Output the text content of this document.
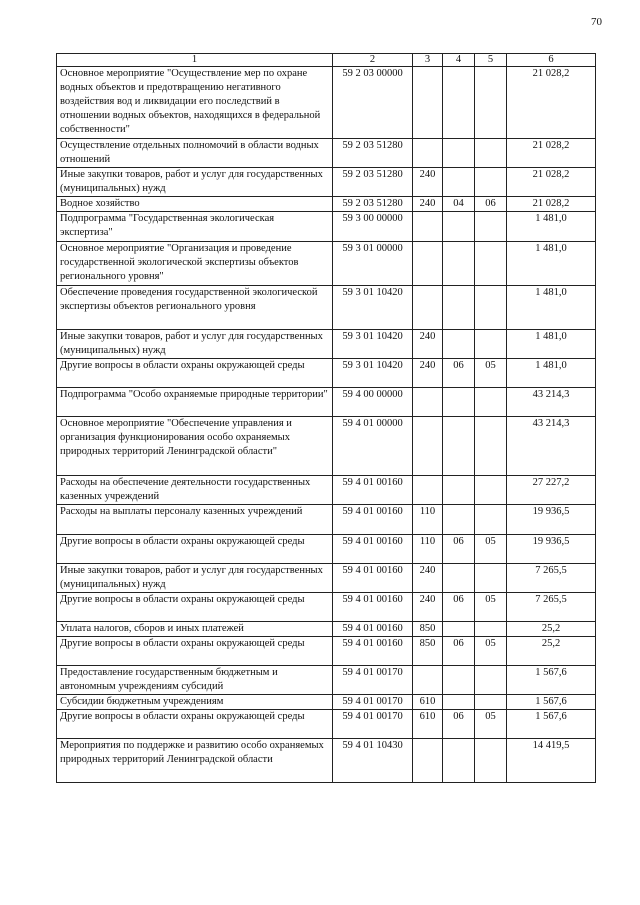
70
1	2	3	4	5	6
Основное мероприятие "Осуществление мер по охране водных объектов и предотвращению негативного воздействия вод и ликвидации его последствий в отношении водных объектов, находящихся в федеральной собственности"	59 2 03 00000				21 028,2
Осуществление отдельных полномочий в области водных отношений	59 2 03 51280				21 028,2
Иные закупки товаров, работ и услуг для государственных (муниципальных) нужд	59 2 03 51280	240			21 028,2
Водное хозяйство	59 2 03 51280	240	04	06	21 028,2
Подпрограмма "Государственная экологическая экспертиза"	59 3 00 00000				1 481,0
Основное мероприятие "Организация и проведение государственной экологической экспертизы объектов регионального уровня"	59 3 01 00000				1 481,0
Обеспечение проведения государственной экологической экспертизы объектов регионального уровня	59 3 01 10420				1 481,0
Иные закупки товаров, работ и услуг для государственных (муниципальных) нужд	59 3 01 10420	240			1 481,0
Другие вопросы в области охраны окружающей среды	59 3 01 10420	240	06	05	1 481,0
Подпрограмма "Особо охраняемые природные территории"	59 4 00 00000				43 214,3
Основное мероприятие "Обеспечение управления и организация функционирования особо охраняемых природных территорий Ленинградской области"	59 4 01 00000				43 214,3
Расходы на обеспечение деятельности государственных казенных учреждений	59 4 01 00160				27 227,2
Расходы на выплаты персоналу казенных учреждений	59 4 01 00160	110			19 936,5
Другие вопросы в области охраны окружающей среды	59 4 01 00160	110	06	05	19 936,5
Иные закупки товаров, работ и услуг для государственных (муниципальных) нужд	59 4 01 00160	240			7 265,5
Другие вопросы в области охраны окружающей среды	59 4 01 00160	240	06	05	7 265,5
Уплата налогов, сборов и иных платежей	59 4 01 00160	850			25,2
Другие вопросы в области охраны окружающей среды	59 4 01 00160	850	06	05	25,2
Предоставление государственным бюджетным и автономным учреждениям субсидий	59 4 01 00170				1 567,6
Субсидии бюджетным учреждениям	59 4 01 00170	610			1 567,6
Другие вопросы в области охраны окружающей среды	59 4 01 00170	610	06	05	1 567,6
Мероприятия по поддержке и развитию особо охраняемых природных территорий Ленинградской области	59 4 01 10430				14 419,5
